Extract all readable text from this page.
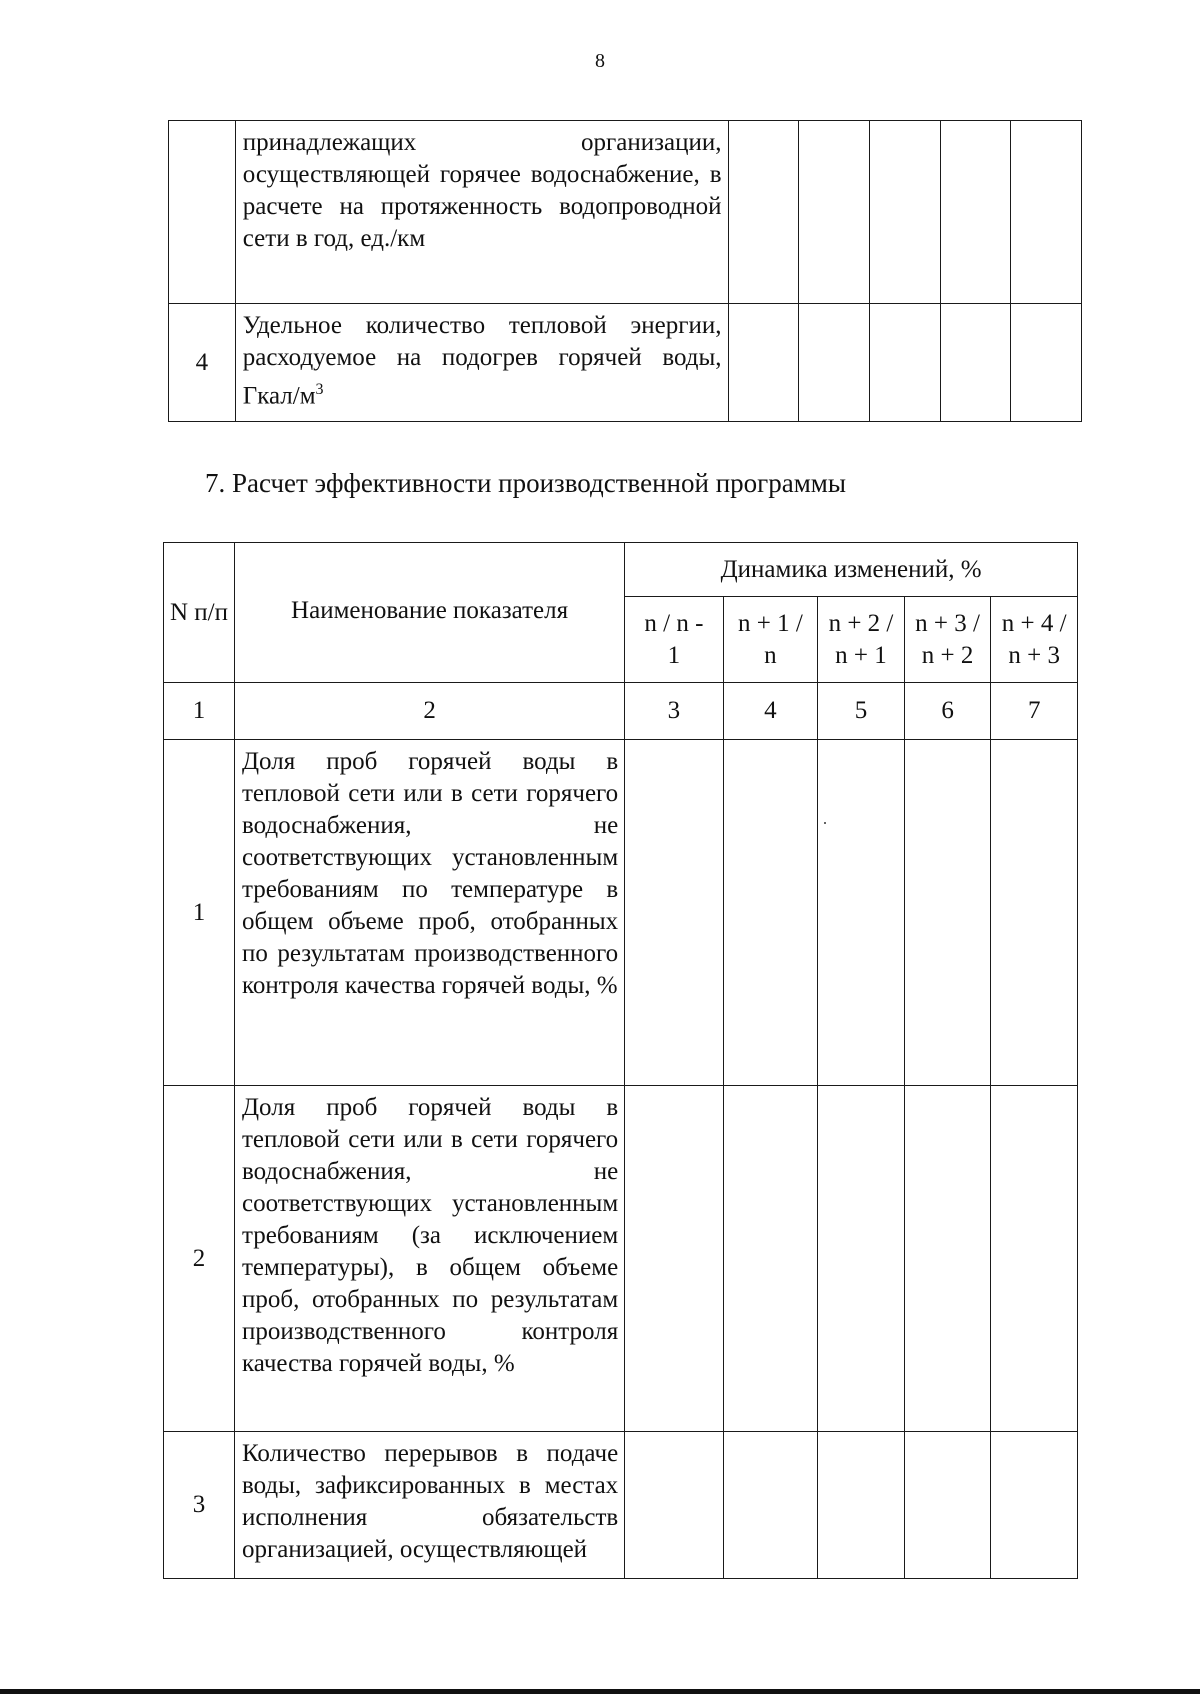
8
	принадлежащих организации, осуществляющей горячее водоснабжение, в расчете на протяженность водопроводной сети в год, ед./км					
4	Удельное количество тепловой энергии, расходуемое на подогрев горячей воды, Гкал/$м^3$					
7. Расчет эффективности производственной программы
N п/п	Наименование показателя	Динамика изменений, %				
		n / n - 1	n + 1 / n	n + 2 / n + 1	n + 3 / n + 2	n + 4 / n + 3
1	2	3	4	5	6	7
1	Доля проб горячей воды в тепловой сети или в сети горячего водоснабжения, не соответствующих установленным требованиям по температуре в общем объеме проб, отобранных по результатам производственного контроля качества горячей воды, %					
2	Доля проб горячей воды в тепловой сети или в сети горячего водоснабжения, не соответствующих установленным требованиям (за исключением температуры), в общем объеме проб, отобранных по результатам производственного контроля качества горячей воды, %					
3	Количество перерывов в подаче воды, зафиксированных в местах исполнения обязательств организацией, осуществляющей					
